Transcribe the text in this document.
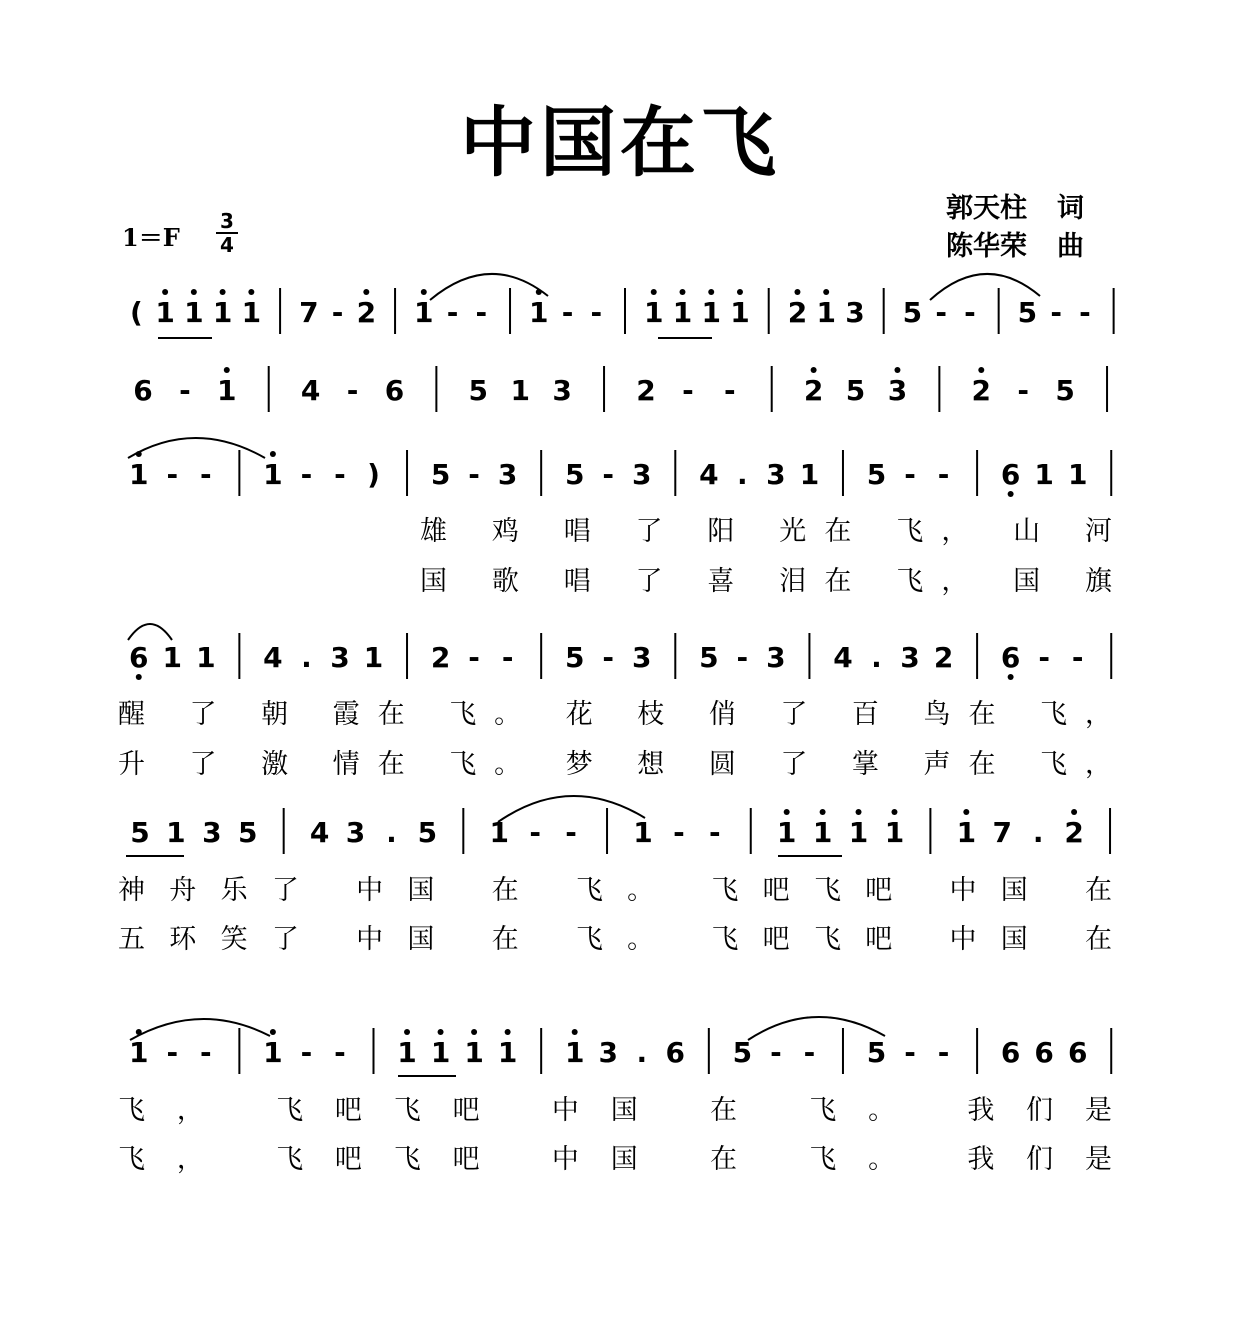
中国在飞
郭天柱 词
陈华荣 曲
1＝F
3
4
( 1 1 1 1 7 - 2 1 - - 1 - - 1 1 1 1 2 1 3 5 - - 5 - -
6 - 1 4 - 6 5 1 3 2 - - 2 5 3 2 - 5
1 - - 1 - - ) 5 - 3 5 - 3 4 . 3 1 5 - - 6 1 1
雄 鸡 唱 了 阳 光在 飞， 山 河
国 歌 唱 了 喜 泪在 飞， 国 旗
6 1 1 4 . 3 1 2 - - 5 - 3 5 - 3 4 . 3 2 6 - -
醒 了 朝 霞在 飞。 花 枝 俏 了 百 鸟在 飞，
升 了 激 情在 飞。 梦 想 圆 了 掌 声在 飞，
5 1 3 5 4 3 . 5 1 - - 1 - - 1 1 1 1 1 7 . 2
神舟乐了 中国 在 飞。 飞吧飞吧 中国 在
五环笑了 中国 在 飞。 飞吧飞吧 中国 在
1 - - 1 - - 1 1 1 1 1 3 . 6 5 - - 5 - - 6 6 6
飞， 飞吧飞吧 中国 在 飞。 我们是
飞， 飞吧飞吧 中国 在 飞。 我们是
